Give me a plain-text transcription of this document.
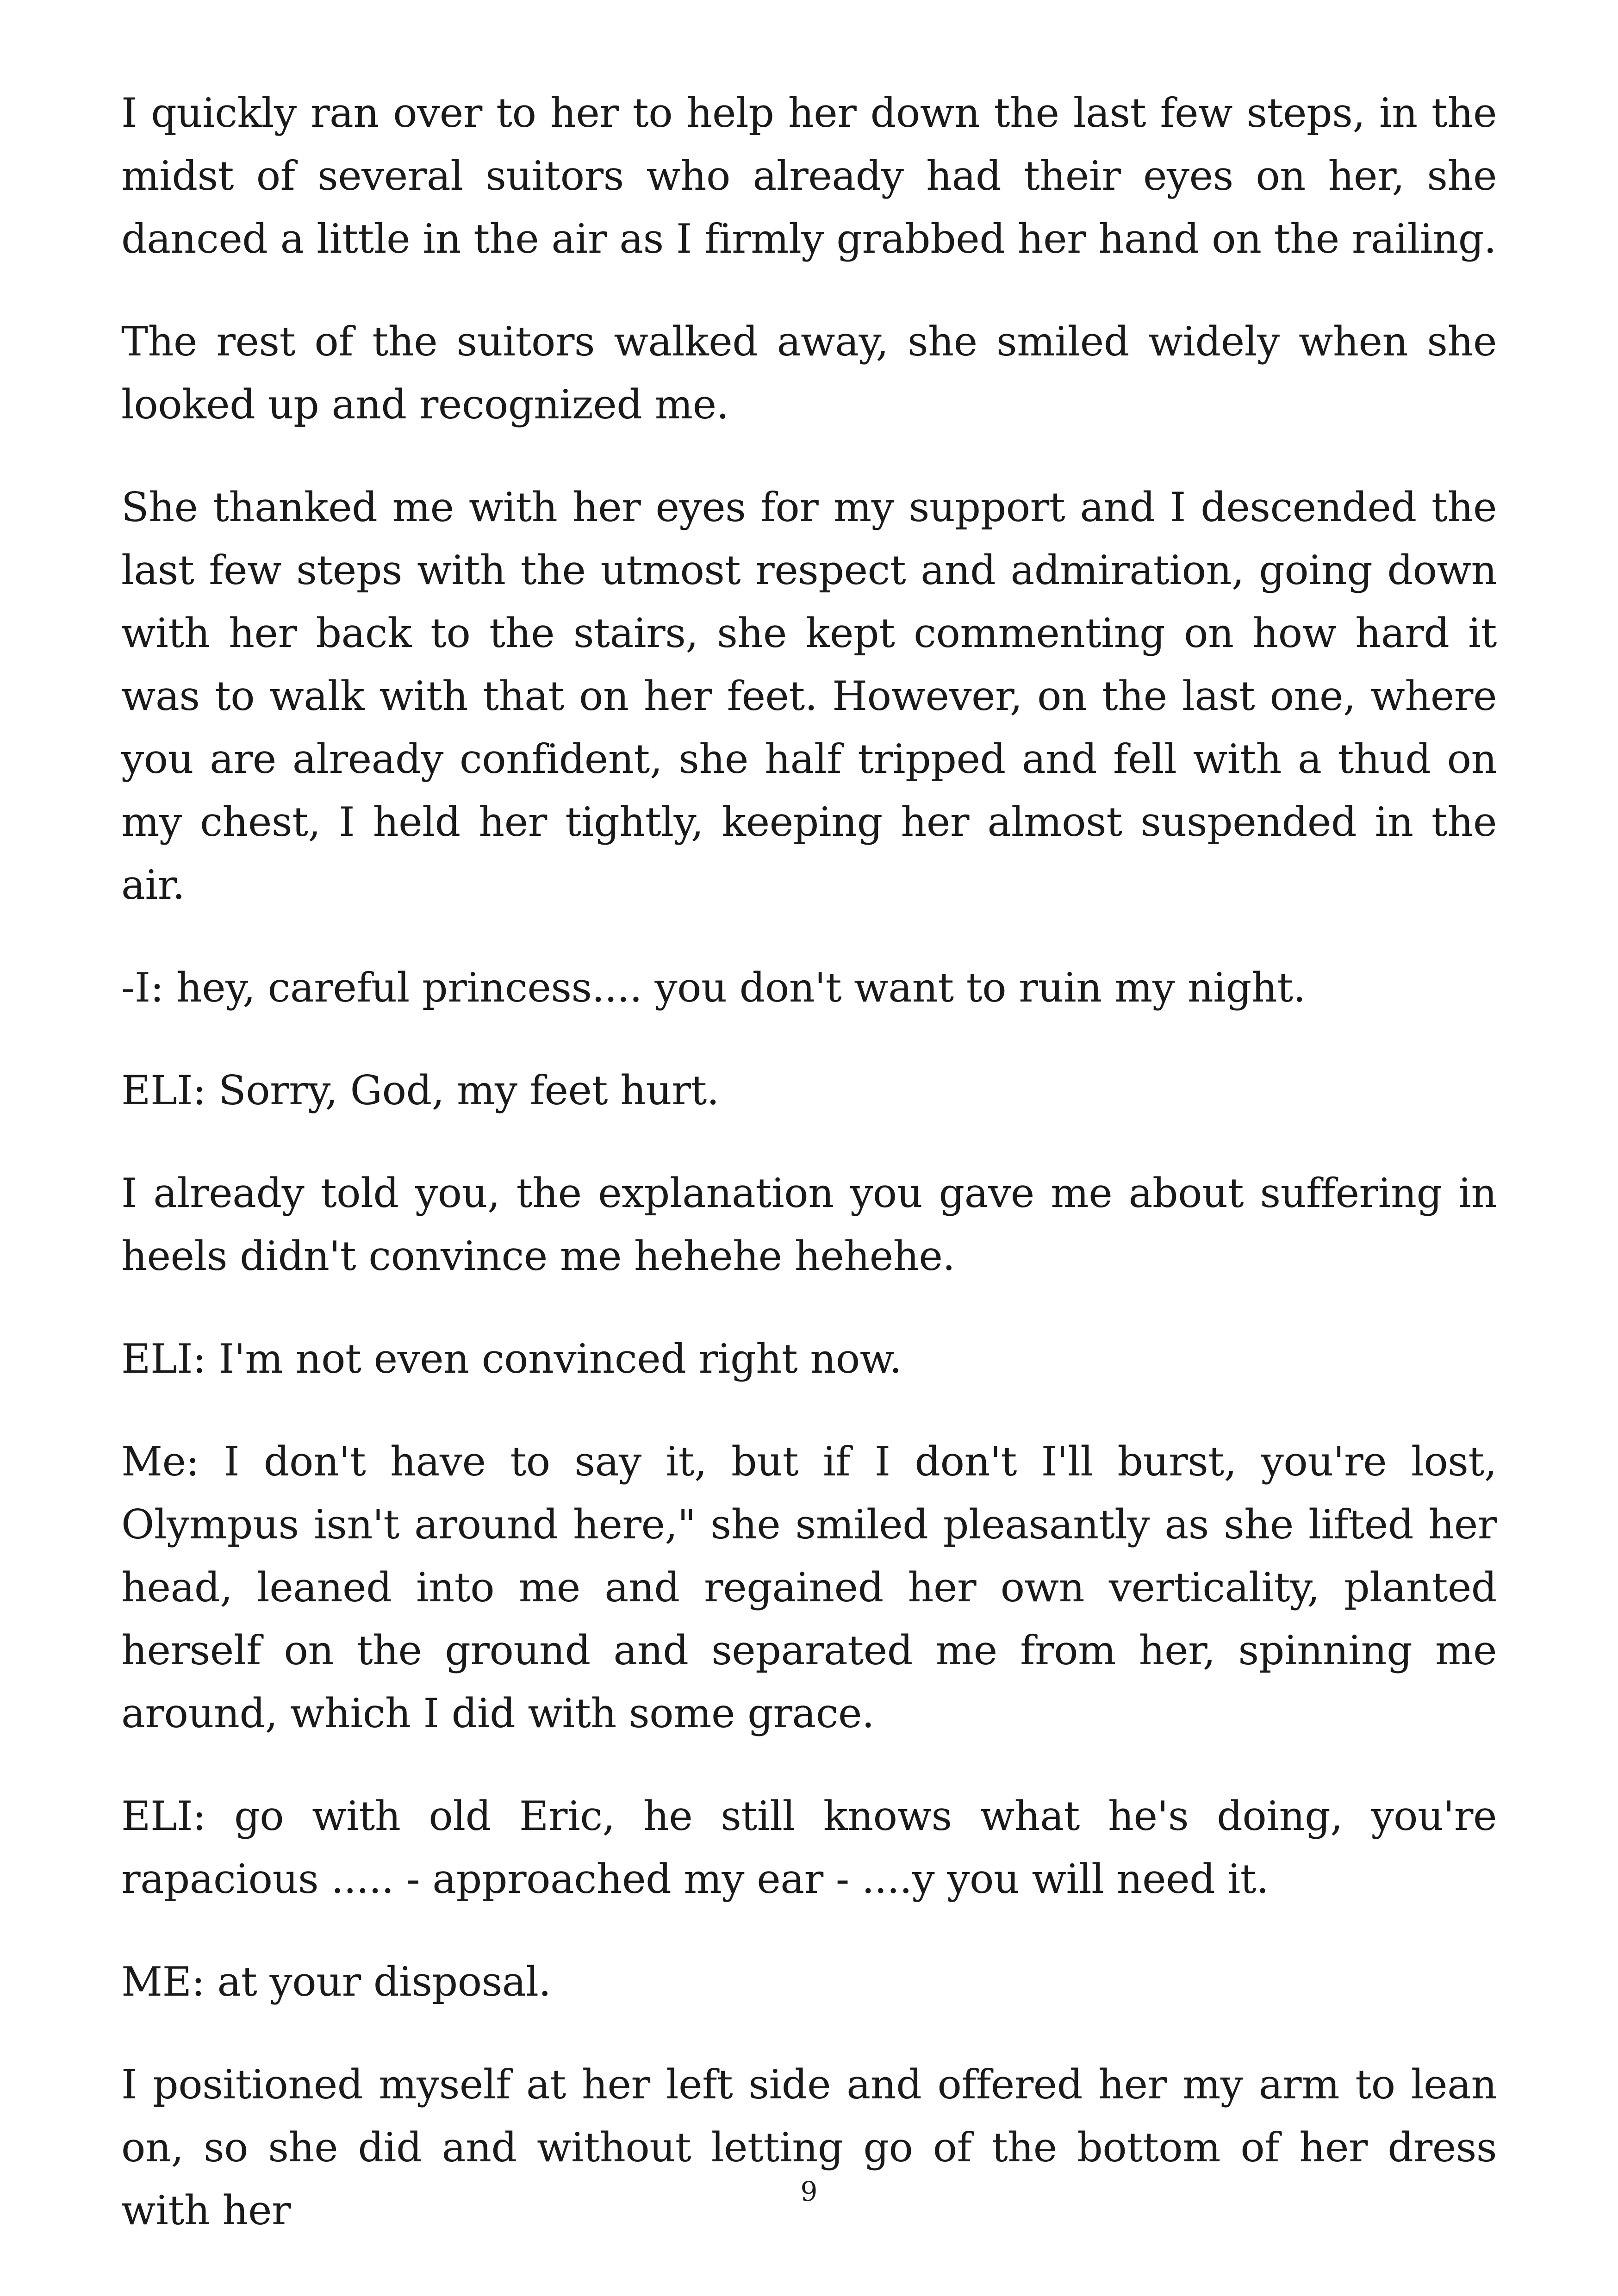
I quickly ran over to her to help her down the last few steps, in the midst of several suitors who already had their eyes on her, she danced a little in the air as I firmly grabbed her hand on the railing.

The rest of the suitors walked away, she smiled widely when she looked up and recognized me.

She thanked me with her eyes for my support and I descended the last few steps with the utmost respect and admiration, going down with her back to the stairs, she kept commenting on how hard it was to walk with that on her feet. However, on the last one, where you are already confident, she half tripped and fell with a thud on my chest, I held her tightly, keeping her almost suspended in the air.

-I: hey, careful princess.... you don't want to ruin my night.

ELI: Sorry, God, my feet hurt.

I already told you, the explanation you gave me about suffering in heels didn't convince me hehehe hehehe.

ELI: I'm not even convinced right now.

Me: I don't have to say it, but if I don't I'll burst, you're lost, Olympus isn't around here," she smiled pleasantly as she lifted her head, leaned into me and regained her own verticality, planted herself on the ground and separated me from her, spinning me around, which I did with some grace.

ELI: go with old Eric, he still knows what he's doing, you're rapacious ..... - approached my ear - ....y you will need it.

ME: at your disposal.

I positioned myself at her left side and offered her my arm to lean on, so she did and without letting go of the bottom of her dress with her	9
